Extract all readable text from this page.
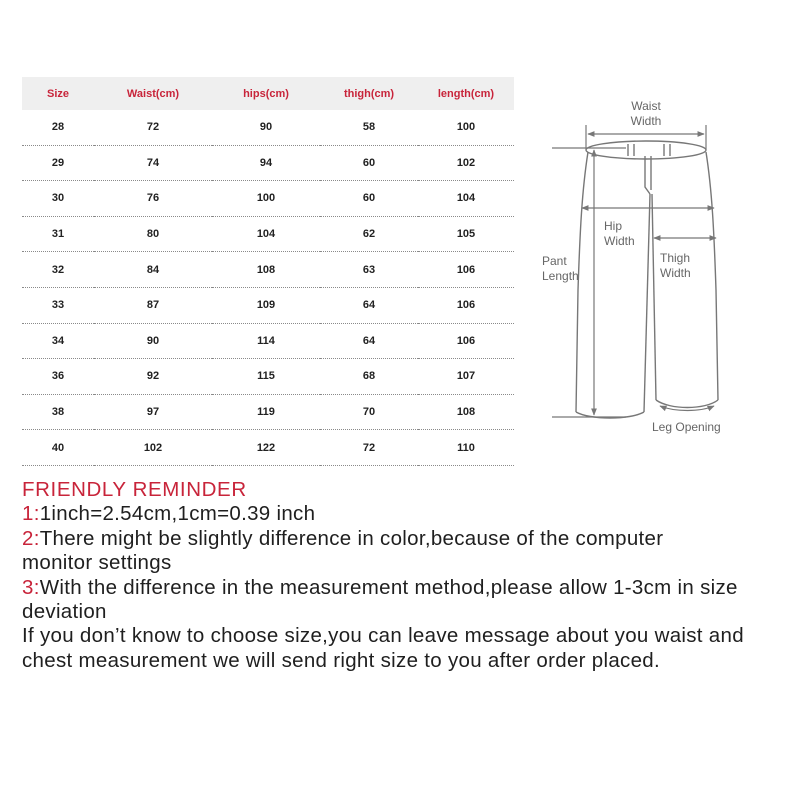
Size	Waist(cm)	hips(cm)	thigh(cm)	length(cm)
28	72	90	58	100
29	74	94	60	102
30	76	100	60	104
31	80	104	62	105
32	84	108	63	106
33	87	109	64	106
34	90	114	64	106
36	92	115	68	107
38	97	119	70	108
40	102	122	72	110
Waist
Width
Hip
Width
Thigh
Width
Pant
Length
Leg Opening

FRIENDLY REMINDER

1:1inch=2.54cm,1cm=0.39 inch

2:There might be slightly difference in color,because of the computer monitor settings

3:With the difference in the measurement method,please allow 1-3cm in size deviation

If you don’t know to choose size,you can leave message about you waist and chest measurement we will send right size to you after order placed.
